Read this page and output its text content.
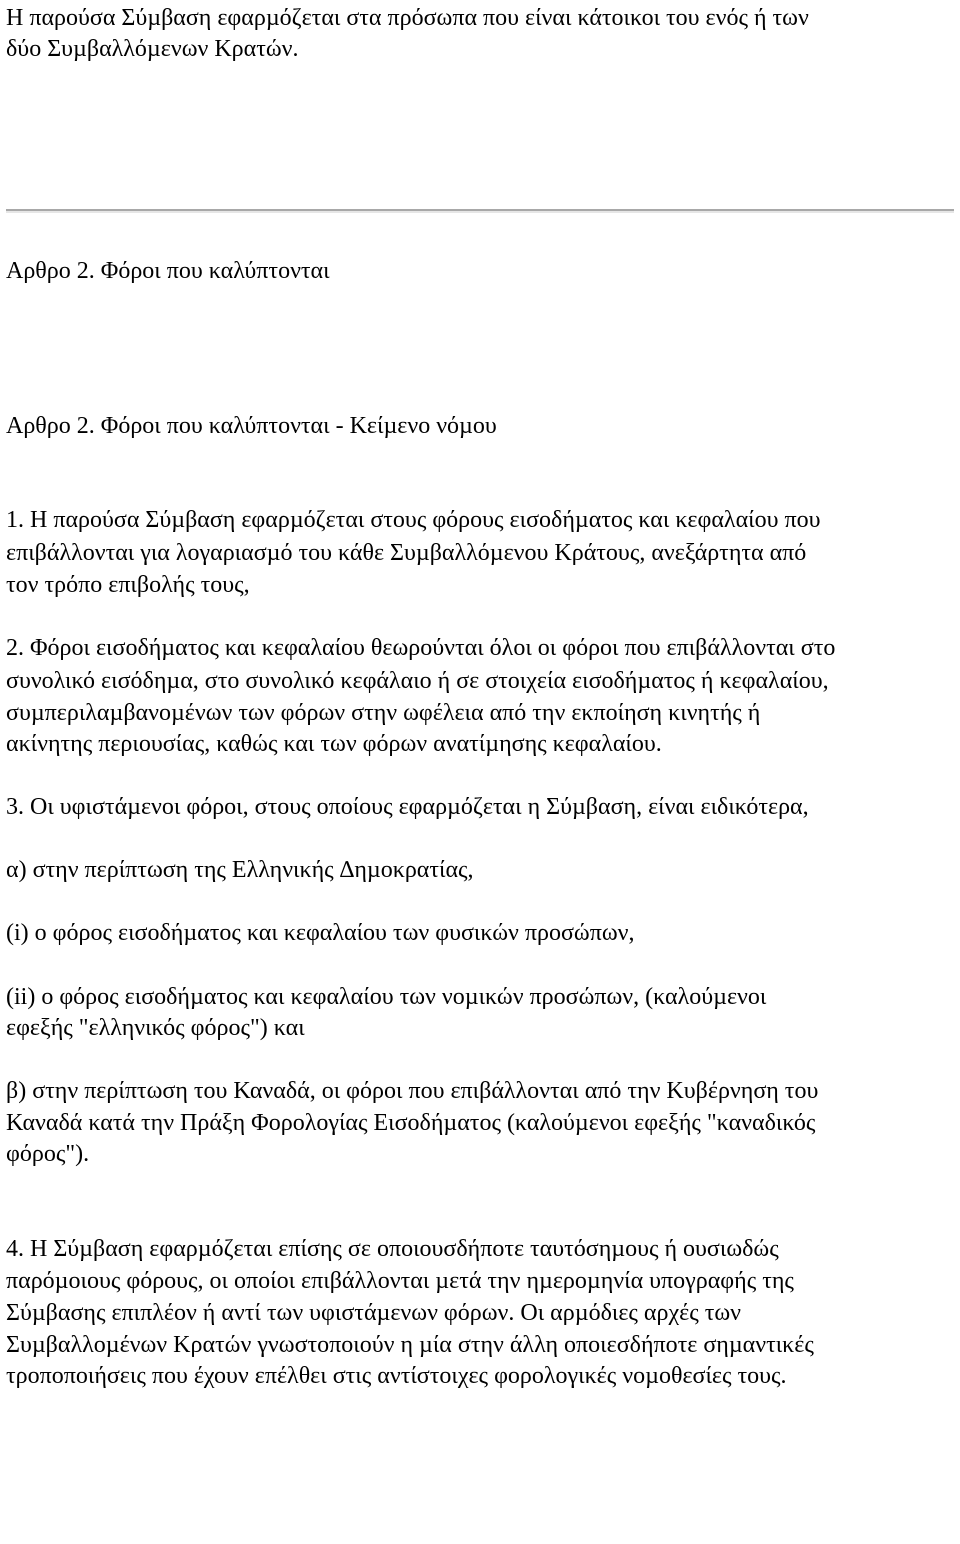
Η παρούσα Σύµβαση εφαρµόζεται στα πρόσωπα που είναι κάτοικοι του ενός ή των

δύο Συµβαλλόµενων Κρατών.

Αρθρο 2. Φόροι που καλύπτονται

Αρθρο 2. Φόροι που καλύπτονται - Κείµενο νόµου

1. Η παρούσα Σύµβαση εφαρµόζεται στους φόρους εισοδήµατος και κεφαλαίου που

επιβάλλονται για λογαριασµό του κάθε Συµβαλλόµενου Κράτους, ανεξάρτητα από

τον τρόπο επιβολής τους,

2. Φόροι εισοδήµατος και κεφαλαίου θεωρούνται όλοι οι φόροι που επιβάλλονται στο

συνολικό εισόδηµα, στο συνολικό κεφάλαιο ή σε στοιχεία εισοδήµατος ή κεφαλαίου,

συµπεριλαµβανοµένων των φόρων στην ωφέλεια από την εκποίηση κινητής ή

ακίνητης περιουσίας, καθώς και των φόρων ανατίµησης κεφαλαίου.

3. Οι υφιστάµενοι φόροι, στους οποίους εφαρµόζεται η Σύµβαση, είναι ειδικότερα,

α) στην περίπτωση της Ελληνικής ∆ηµοκρατίας,

(i) ο φόρος εισοδήµατος και κεφαλαίου των φυσικών προσώπων,

(ii) ο φόρος εισοδήµατος και κεφαλαίου των νοµικών προσώπων, (καλούµενοι

εφεξής "ελληνικός φόρος") και

β) στην περίπτωση του Καναδά, οι φόροι που επιβάλλονται από την Κυβέρνηση του

Καναδά κατά την Πράξη Φορολογίας Εισοδήµατος (καλούµενοι εφεξής "καναδικός

φόρος").

4. Η Σύµβαση εφαρµόζεται επίσης σε οποιουσδήποτε ταυτόσηµους ή ουσιωδώς

παρόµοιους φόρους, οι οποίοι επιβάλλονται µετά την ηµεροµηνία υπογραφής της

Σύµβασης επιπλέον ή αντί των υφιστάµενων φόρων. Οι αρµόδιες αρχές των

Συµβαλλοµένων Κρατών γνωστοποιούν η µία στην άλλη οποιεσδήποτε σηµαντικές

τροποποιήσεις που έχουν επέλθει στις αντίστοιχες φορολογικές νοµοθεσίες τους.
